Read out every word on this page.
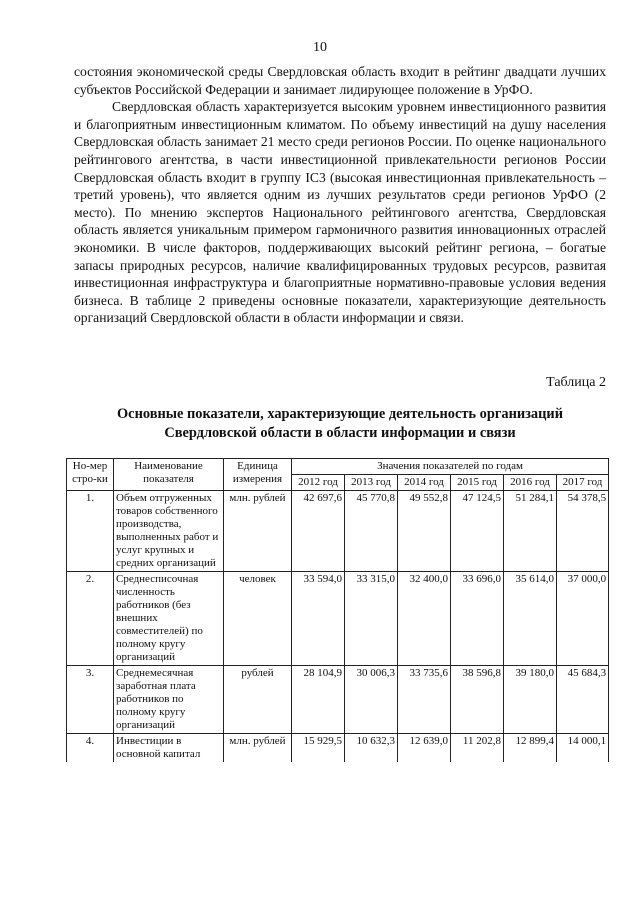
10

состояния экономической среды Свердловская область входит в рейтинг двадцати лучших субъектов Российской Федерации и занимает лидирующее положение в УрФО.

Свердловская область характеризуется высоким уровнем инвестиционного развития и благоприятным инвестиционным климатом. По объему инвестиций на душу населения Свердловская область занимает 21 место среди регионов России. По оценке национального рейтингового агентства, в части инвестиционной привлекательности регионов России Свердловская область входит в группу IC3 (высокая инвестиционная привлекательность – третий уровень), что является одним из лучших результатов среди регионов УрФО (2 место). По мнению экспертов Национального рейтингового агентства, Свердловская область является уникальным примером гармоничного развития инновационных отраслей экономики. В числе факторов, поддерживающих высокий рейтинг региона, – богатые запасы природных ресурсов, наличие квалифицированных трудовых ресурсов, развитая инвестиционная инфраструктура и благоприятные нормативно-правовые условия ведения бизнеса. В таблице 2 приведены основные показатели, характеризующие деятельность организаций Свердловской области в области информации и связи.

Таблица 2
Основные показатели, характеризующие деятельность организаций Свердловской области в области информации и связи
Но-мер стро-ки	Наименование показателя	Единица измерения	Значения показателей по годам					
			2012 год	2013 год	2014 год	2015 год	2016 год	2017 год
1.	Объем отгруженных товаров собственного производства, выполненных работ и услуг крупных и средних организаций	млн. рублей	42 697,6	45 770,8	49 552,8	47 124,5	51 284,1	54 378,5
2.	Среднесписочная численность работников (без внешних совместителей) по полному кругу организаций	человек	33 594,0	33 315,0	32 400,0	33 696,0	35 614,0	37 000,0
3.	Среднемесячная заработная плата работников по полному кругу организаций	рублей	28 104,9	30 006,3	33 735,6	38 596,8	39 180,0	45 684,3
4.	Инвестиции в основной капитал	млн. рублей	15 929,5	10 632,3	12 639,0	11 202,8	12 899,4	14 000,1
